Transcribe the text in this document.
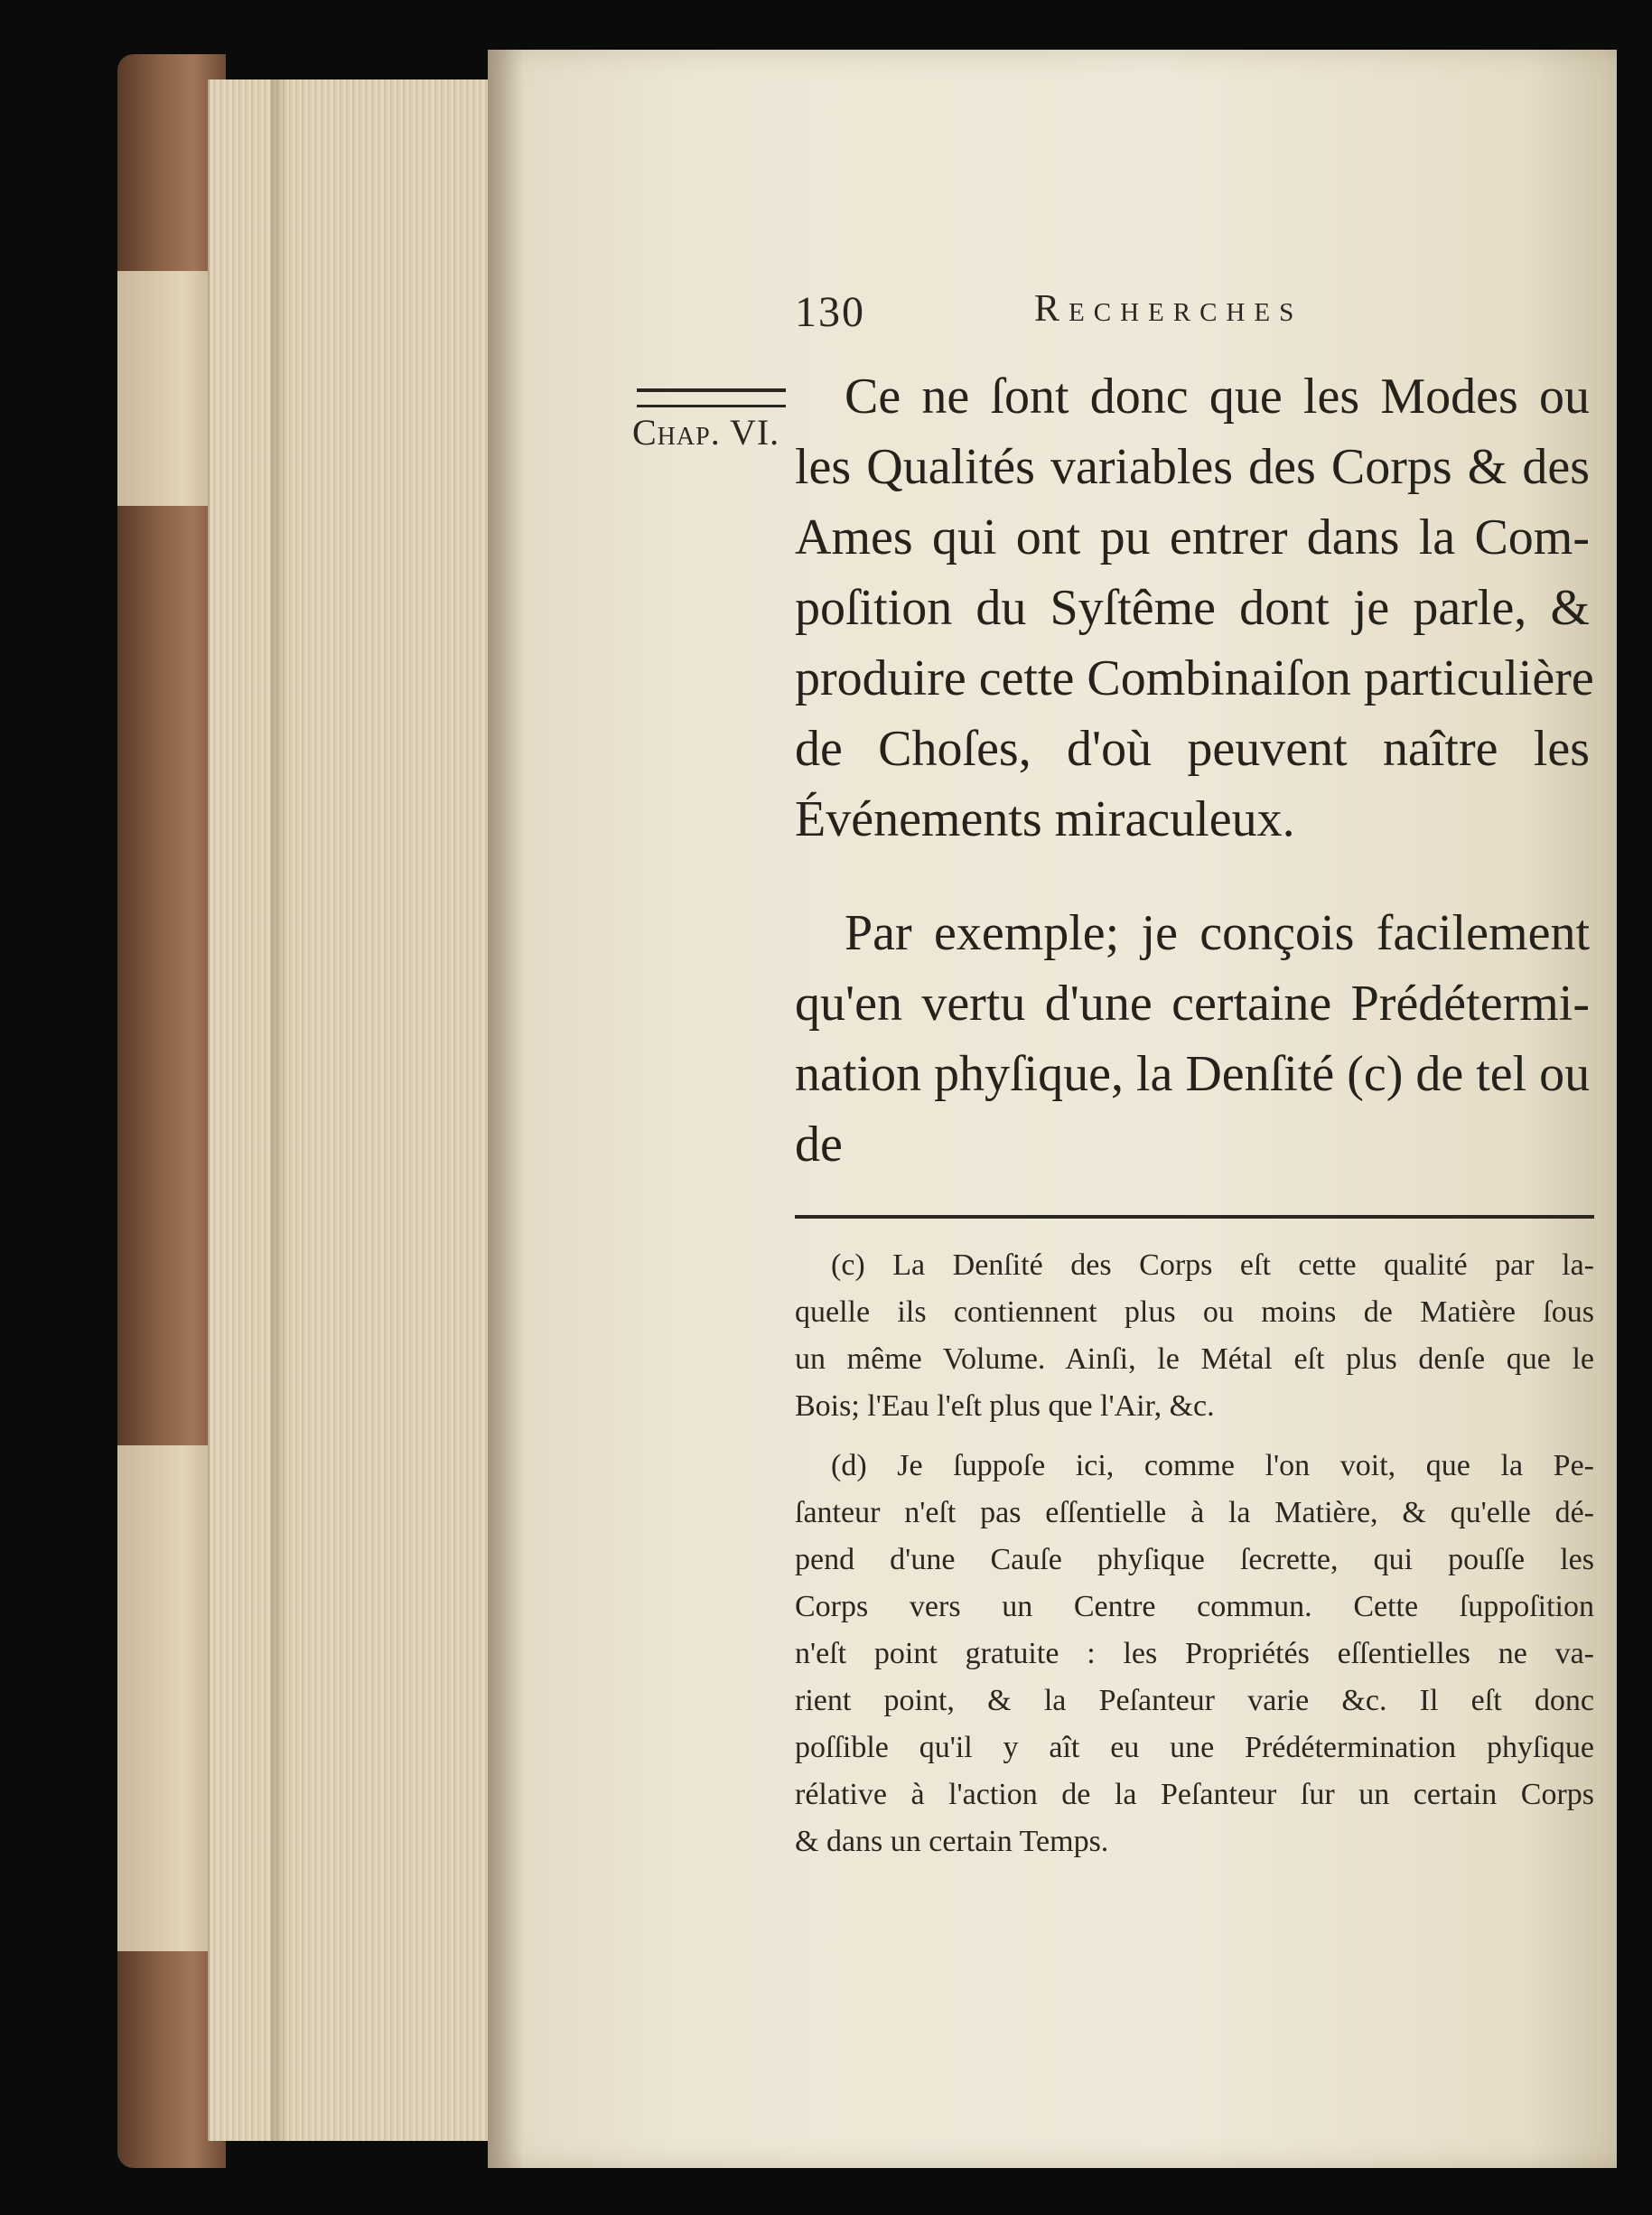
130	Recherches
Chap. VI.
Ce ne ſont donc que les Modes ou
les Qualités variables des Corps & des
Ames qui ont pu entrer dans la Com-
poſition du Syſtême dont je parle, &
produire cette Combinaiſon particulière
de Choſes, d'où peuvent naître les
Événements miraculeux.
Par exemple; je conçois facilement
qu'en vertu d'une certaine Prédétermi-
nation phyſique, la Denſité (c) de tel ou
de
(c) La Denſité des Corps eſt cette qualité par la-
quelle ils contiennent plus ou moins de Matière ſous
un même Volume. Ainſi, le Métal eſt plus denſe que le
Bois; l'Eau l'eſt plus que l'Air, &c.
(d) Je ſuppoſe ici, comme l'on voit, que la Pe-
ſanteur n'eſt pas eſſentielle à la Matière, & qu'elle dé-
pend d'une Cauſe phyſique ſecrette, qui pouſſe les
Corps vers un Centre commun. Cette ſuppoſition
n'eſt point gratuite : les Propriétés eſſentielles ne va-
rient point, & la Peſanteur varie &c. Il eſt donc
poſſible qu'il y aît eu une Prédétermination phyſique
rélative à l'action de la Peſanteur ſur un certain Corps
& dans un certain Temps.
